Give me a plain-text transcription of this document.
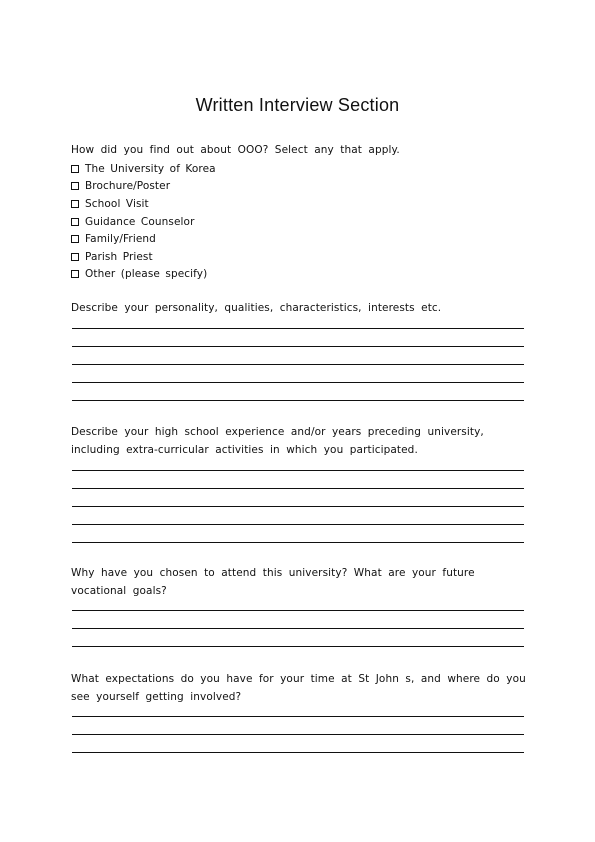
Written Interview Section
How did you find out about OOO? Select any that apply.
The University of Korea
Brochure/Poster
School Visit
Guidance Counselor
Family/Friend
Parish Priest
Other (please specify)
Describe your personality, qualities, characteristics, interests etc.
Describe your high school experience and/or years preceding university, including extra-curricular activities in which you participated.
Why have you chosen to attend this university? What are your future vocational goals?
What expectations do you have for your time at St John s, and where do you see yourself getting involved?
